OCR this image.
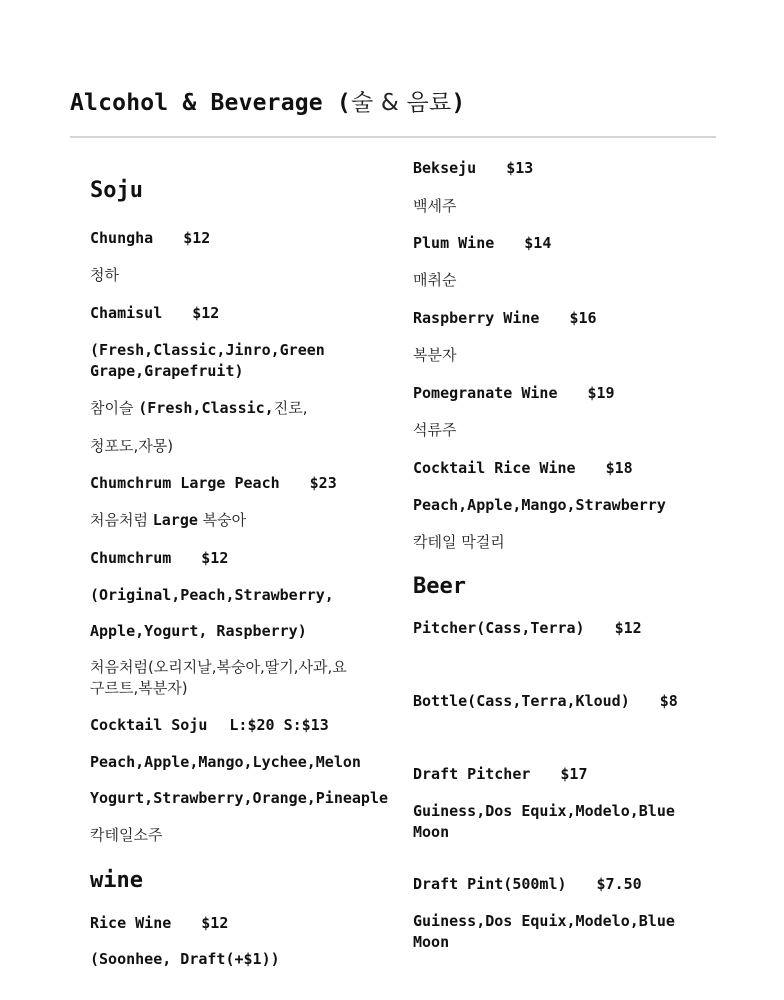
Alcohol & Beverage (술 & 음료)
Soju
Chungha $12
청하
Chamisul $12
(Fresh,Classic,Jinro,Green Grape,Grapefruit)
참이슬 (Fresh,Classic,진로,
청포도,자몽)
Chumchrum Large Peach $23
처음처럼 Large 복숭아
Chumchrum $12
(Original,Peach,Strawberry,
Apple,Yogurt, Raspberry)
처음처럼(오리지날,복숭아,딸기,사과,요구르트,복분자)
Cocktail Soju L:$20 S:$13
Peach,Apple,Mango,Lychee,Melon
Yogurt,Strawberry,Orange,Pineaple
칵테일소주
wine
Rice Wine $12
(Soonhee, Draft(+$1))
Bekseju $13
백세주
Plum Wine $14
매취순
Raspberry Wine $16
복분자
Pomegranate Wine $19
석류주
Cocktail Rice Wine $18
Peach,Apple,Mango,Strawberry
칵테일 막걸리
Beer
Pitcher(Cass,Terra) $12
Bottle(Cass,Terra,Kloud) $8
Draft Pitcher $17
Guiness,Dos Equix,Modelo,Blue Moon
Draft Pint(500ml) $7.50
Guiness,Dos Equix,Modelo,Blue Moon
